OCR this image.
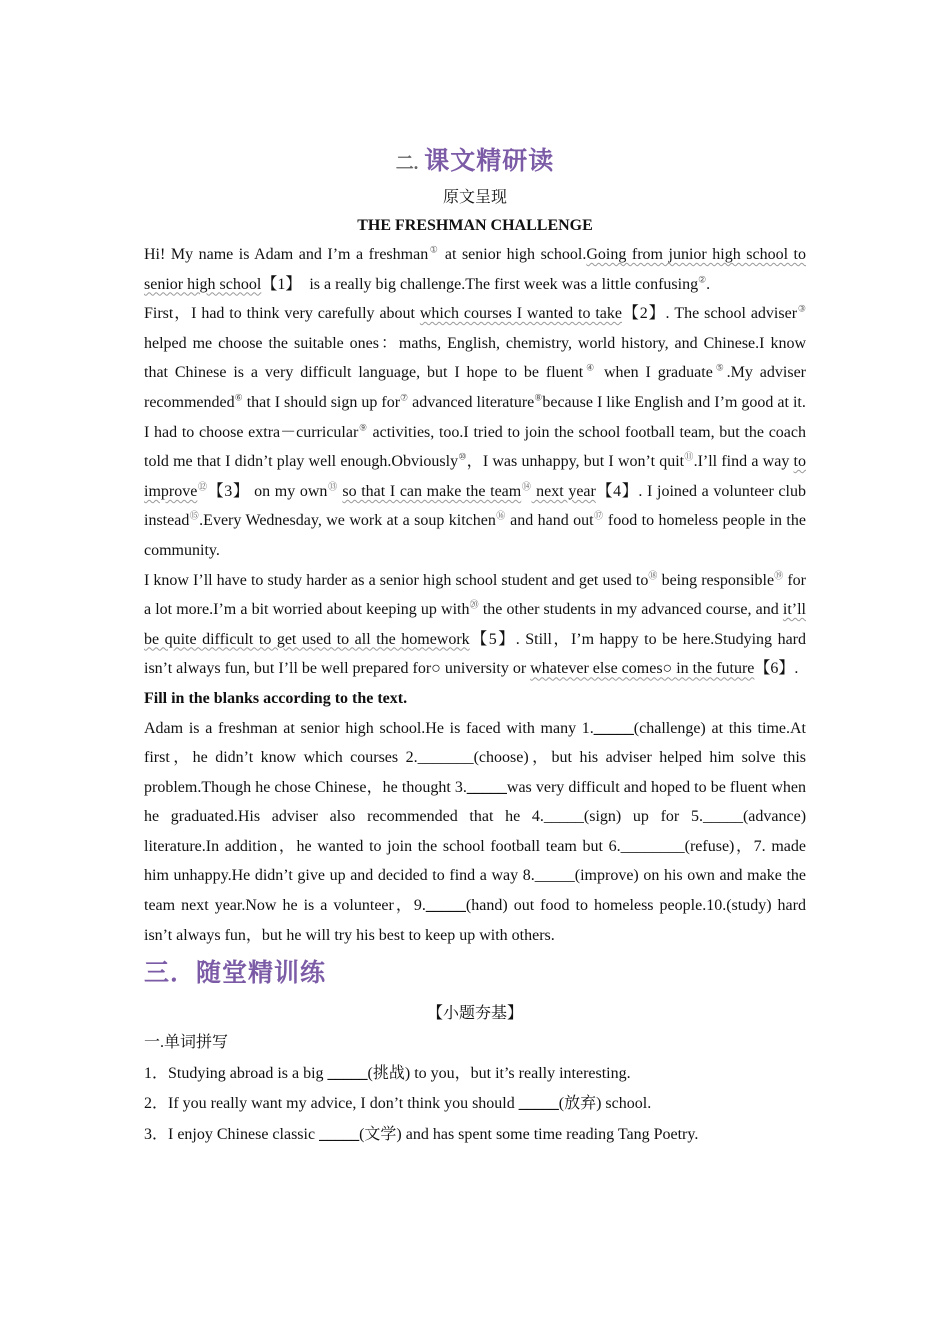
二. 课文精研读
原文呈现
THE FRESHMAN CHALLENGE

Hi! My name is Adam and I’m a freshman① at senior high school.Going from junior high school to senior high school【1】　is a really big challenge.The first week was a little confusing②.

First，I had to think very carefully about which courses I wanted to take【2】. The school adviser③ helped me choose the suitable ones：maths, English, chemistry, world history, and Chinese.I know that Chinese is a very difficult language, but I hope to be fluent④ when I graduate⑤.My adviser recommended⑥ that I should sign up for⑦ advanced literature⑧because I like English and I’m good at it.

I had to choose extra－curricular⑨ activities, too.I tried to join the school football team, but the coach told me that I didn’t play well enough.Obviously⑩，I was unhappy, but I won’t quit⑪.I’ll find a way to improve⑫【3】 on my own⑬ so that I can make the team⑭ next year【4】. I joined a volunteer club instead⑮.Every Wednesday, we work at a soup kitchen⑯ and hand out⑰ food to homeless people in the community.

I know I’ll have to study harder as a senior high school student and get used to⑱ being responsible⑲ for a lot more.I’m a bit worried about keeping up with⑳ the other students in my advanced course, and it’ll be quite difficult to get used to all the homework【5】. Still，I’m happy to be here.Studying hard isn’t always fun, but I’ll be well prepared for○ university or whatever else comes○ in the future【6】.

Fill in the blanks according to the text.

Adam is a freshman at senior high school.He is faced with many 1._____(challenge) at this time.At first，he didn’t know which courses 2._______(choose)，but his adviser helped him solve this problem.Though he chose Chinese，he thought 3._____was very difficult and hoped to be fluent when he graduated.His adviser also recommended that he 4._____(sign) up for 5._____(advance) literature.In addition，he wanted to join the school football team but 6.________(refuse)，7. made him unhappy.He didn’t give up and decided to find a way 8._____(improve) on his own and make the team next year.Now he is a volunteer，9._____(hand) out food to homeless people.10.(study) hard isn’t always fun，but he will try his best to keep up with others.

三．随堂精训练
【小题夯基】
一.单词拼写
1．Studying abroad is a big _____(挑战) to you，but it’s really interesting.
2．If you really want my advice, I don’t think you should _____(放弃) school.
3．I enjoy Chinese classic _____(文学) and has spent some time reading Tang Poetry.
